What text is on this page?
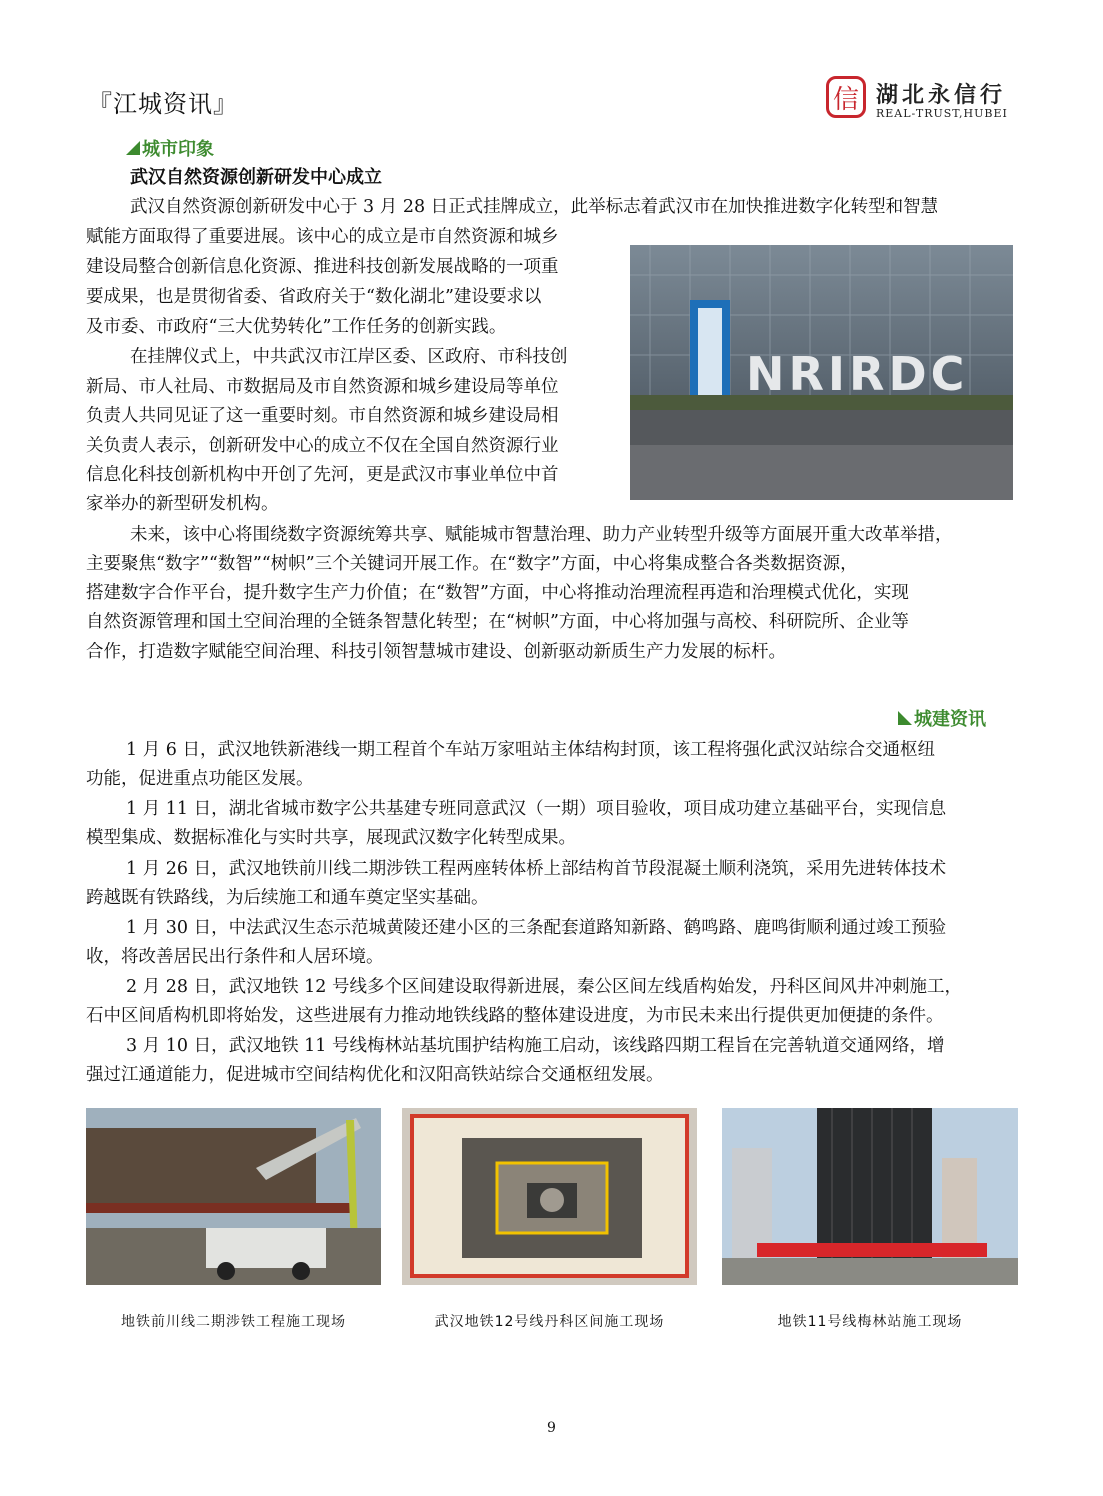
『江城资讯』	信 湖北永信行
REAL-TRUST,HUBEI
城市印象
武汉自然资源创新研发中心成立
武汉自然资源创新研发中心于 3 月 28 日正式挂牌成立，此举标志着武汉市在加快推进数字化转型和智慧
赋能方面取得了重要进展。该中心的成立是市自然资源和城乡
建设局整合创新信息化资源、推进科技创新发展战略的一项重
要成果，也是贯彻省委、省政府关于“数化湖北”建设要求以
及市委、市政府“三大优势转化”工作任务的创新实践。
在挂牌仪式上，中共武汉市江岸区委、区政府、市科技创
新局、市人社局、市数据局及市自然资源和城乡建设局等单位
负责人共同见证了这一重要时刻。市自然资源和城乡建设局相
关负责人表示，创新研发中心的成立不仅在全国自然资源行业
信息化科技创新机构中开创了先河，更是武汉市事业单位中首
家举办的新型研发机构。
未来，该中心将围绕数字资源统筹共享、赋能城市智慧治理、助力产业转型升级等方面展开重大改革举措，
主要聚焦“数字”“数智”“树帜”三个关键词开展工作。在“数字”方面，中心将集成整合各类数据资源，
搭建数字合作平台，提升数字生产力价值；在“数智”方面，中心将推动治理流程再造和治理模式优化，实现
自然资源管理和国土空间治理的全链条智慧化转型；在“树帜”方面，中心将加强与高校、科研院所、企业等
合作，打造数字赋能空间治理、科技引领智慧城市建设、创新驱动新质生产力发展的标杆。
NRIRDC
城建资讯
1 月 6 日，武汉地铁新港线一期工程首个车站万家咀站主体结构封顶，该工程将强化武汉站综合交通枢纽
功能，促进重点功能区发展。
1 月 11 日，湖北省城市数字公共基建专班同意武汉（一期）项目验收，项目成功建立基础平台，实现信息
模型集成、数据标准化与实时共享，展现武汉数字化转型成果。
1 月 26 日，武汉地铁前川线二期涉铁工程两座转体桥上部结构首节段混凝土顺利浇筑，采用先进转体技术
跨越既有铁路线，为后续施工和通车奠定坚实基础。
1 月 30 日，中法武汉生态示范城黄陵还建小区的三条配套道路知新路、鹤鸣路、鹿鸣街顺利通过竣工预验
收，将改善居民出行条件和人居环境。
2 月 28 日，武汉地铁 12 号线多个区间建设取得新进展，秦公区间左线盾构始发，丹科区间风井冲刺施工，
石中区间盾构机即将始发，这些进展有力推动地铁线路的整体建设进度，为市民未来出行提供更加便捷的条件。
3 月 10 日，武汉地铁 11 号线梅林站基坑围护结构施工启动，该线路四期工程旨在完善轨道交通网络，增
强过江通道能力，促进城市空间结构优化和汉阳高铁站综合交通枢纽发展。
地铁前川线二期涉铁工程施工现场	武汉地铁12号线丹科区间施工现场	地铁11号线梅林站施工现场
9
